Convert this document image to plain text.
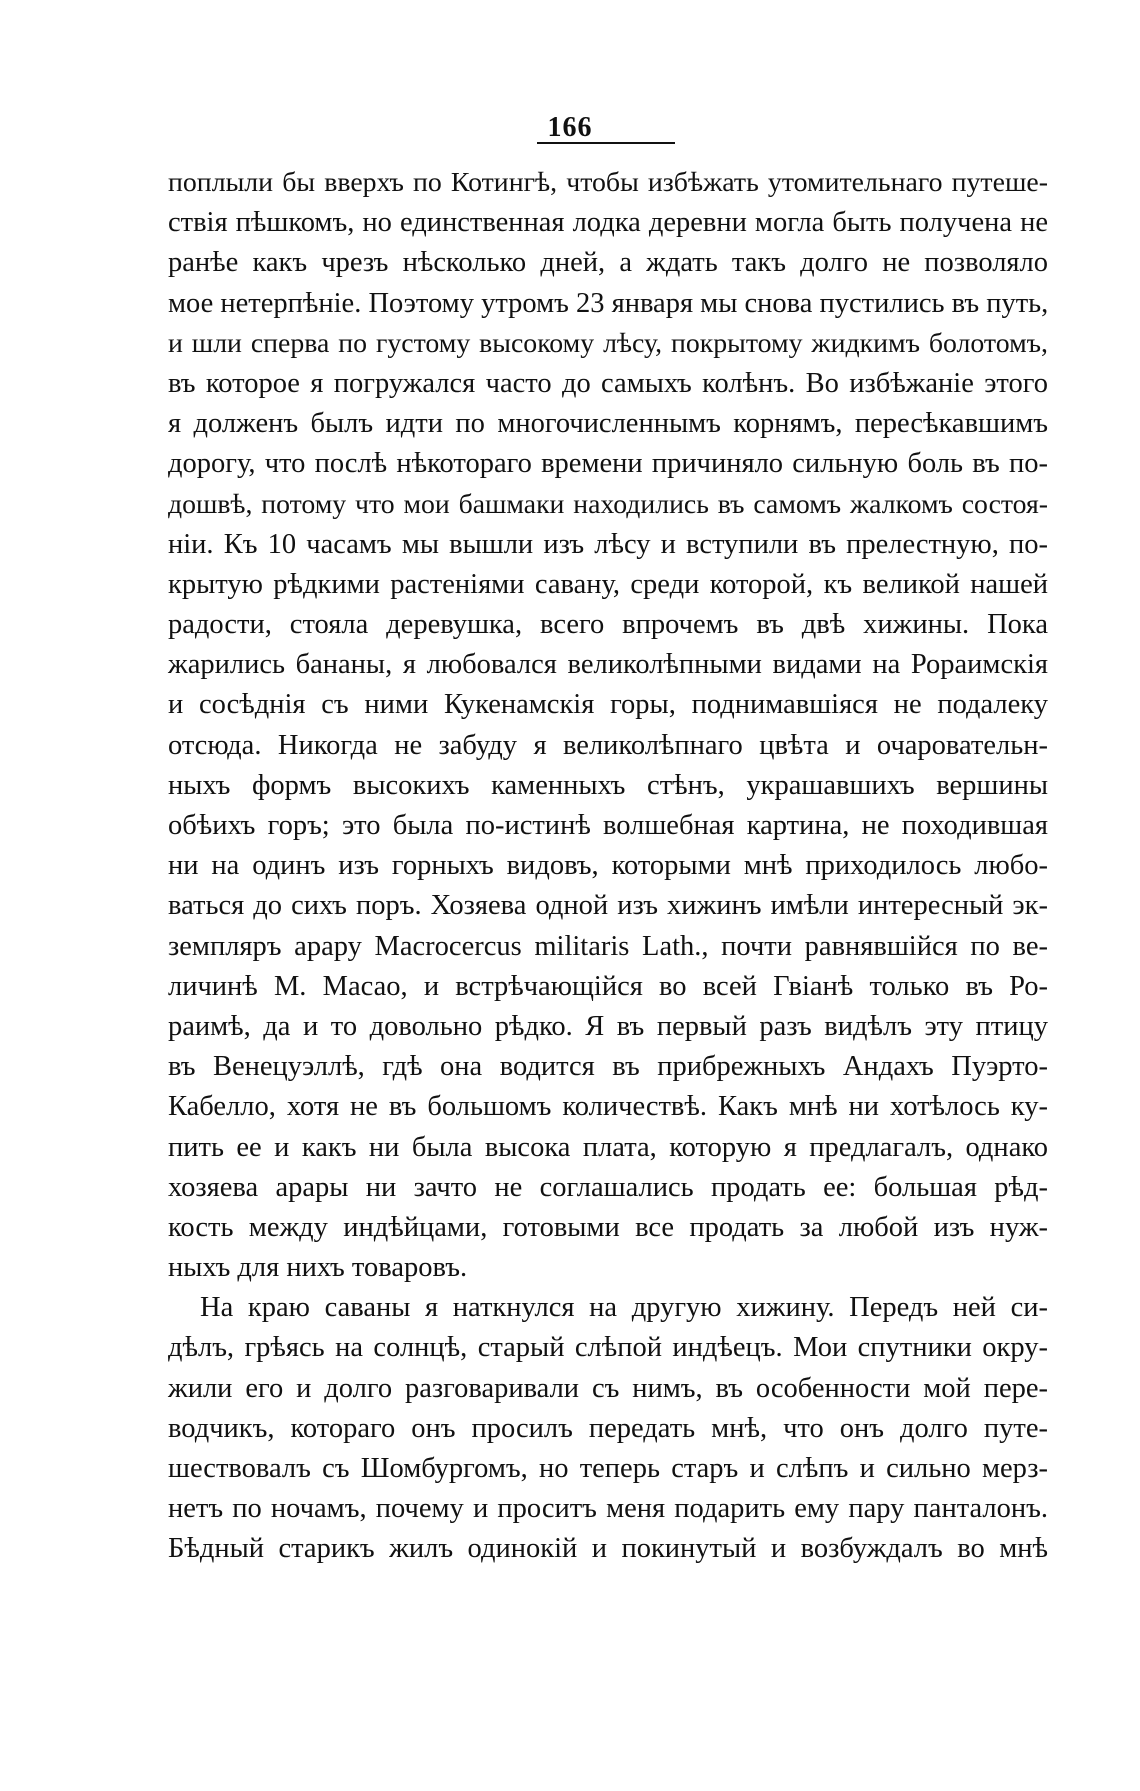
166
поплыли бы вверхъ по Котингѣ, чтобы избѣжать утомительнаго путеше-
ствія пѣшкомъ, но единственная лодка деревни могла быть получена не
ранѣе какъ чрезъ нѣсколько дней, а ждать такъ долго не позволяло
мое нетерпѣніе. Поэтому утромъ 23 января мы снова пустились въ путь,
и шли сперва по густому высокому лѣсу, покрытому жидкимъ болотомъ,
въ которое я погружался часто до самыхъ колѣнъ. Во избѣжаніе этого
я долженъ былъ идти по многочисленнымъ корнямъ, пересѣкавшимъ
дорогу, что послѣ нѣкотораго времени причиняло сильную боль въ по-
дошвѣ, потому что мои башмаки находились въ самомъ жалкомъ состоя-
ніи. Къ 10 часамъ мы вышли изъ лѣсу и вступили въ прелестную, по-
крытую рѣдкими растеніями савану, среди которой, къ великой нашей
радости, стояла деревушка, всего впрочемъ въ двѣ хижины. Пока
жарились бананы, я любовался великолѣпными видами на Рораимскія
и сосѣднія съ ними Кукенамскія горы, поднимавшіяся не подалеку
отсюда. Никогда не забуду я великолѣпнаго цвѣта и очаровательн-
ныхъ формъ высокихъ каменныхъ стѣнъ, украшавшихъ вершины
обѣихъ горъ; это была по-истинѣ волшебная картина, не походившая
ни на одинъ изъ горныхъ видовъ, которыми мнѣ приходилось любо-
ваться до сихъ поръ. Хозяева одной изъ хижинъ имѣли интересный эк-
земпляръ арару Macrocercus militaris Lath., почти равнявшійся по ве-
личинѣ М. Масао, и встрѣчающійся во всей Гвіанѣ только въ Ро-
раимѣ, да и то довольно рѣдко. Я въ первый разъ видѣлъ эту птицу
въ Венецуэллѣ, гдѣ она водится въ прибрежныхъ Андахъ Пуэрто-
Кабелло, хотя не въ большомъ количествѣ. Какъ мнѣ ни хотѣлось ку-
пить ее и какъ ни была высока плата, которую я предлагалъ, однако
хозяева арары ни зачто не соглашались продать ее: большая рѣд-
кость между индѣйцами, готовыми все продать за любой изъ нуж-
ныхъ для нихъ товаровъ.
На краю саваны я наткнулся на другую хижину. Передъ ней си-
дѣлъ, грѣясь на солнцѣ, старый слѣпой индѣецъ. Мои спутники окру-
жили его и долго разговаривали съ нимъ, въ особенности мой пере-
водчикъ, котораго онъ просилъ передать мнѣ, что онъ долго путе-
шествовалъ съ Шомбургомъ, но теперь старъ и слѣпъ и сильно мерз-
нетъ по ночамъ, почему и проситъ меня подарить ему пару панталонъ.
Бѣдный старикъ жилъ одинокій и покинутый и возбуждалъ во мнѣ
